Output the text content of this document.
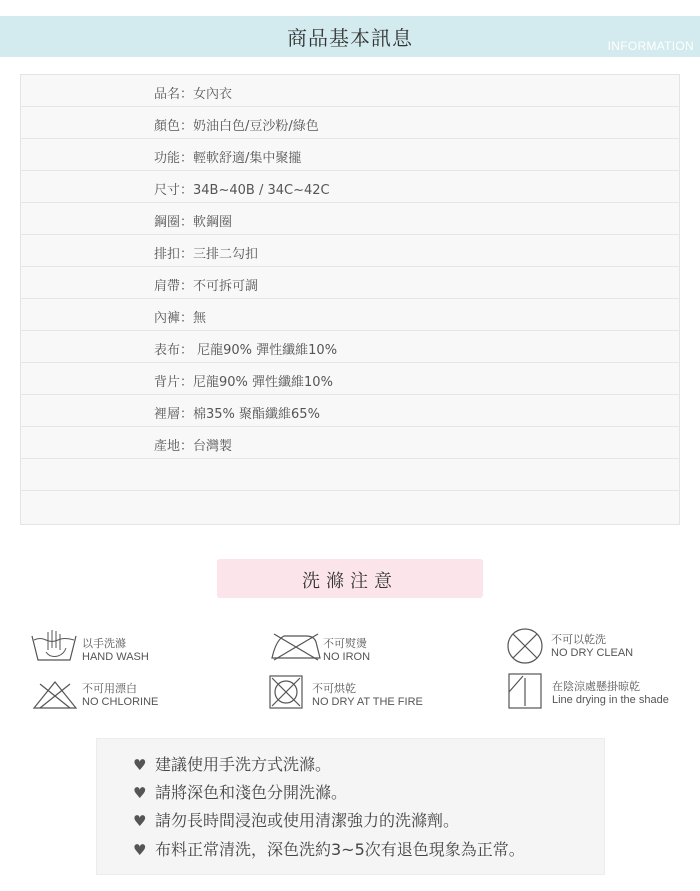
商品基本訊息	INFORMATION
品名：女內衣
顏色：奶油白色/豆沙粉/綠色
功能：輕軟舒適/集中聚攏
尺寸：34B~40B / 34C~42C
鋼圈：軟鋼圈
排扣：三排二勾扣
肩帶：不可拆可調
內褲：無
表布： 尼龍90% 彈性纖維10%
背片：尼龍90% 彈性纖維10%
裡層：棉35% 聚酯纖維65%
產地：台灣製
洗滌注意
以手洗滌
HAND WASH
不可熨燙
NO IRON
不可以乾洗
NO DRY CLEAN
不可用漂白
NO CHLORINE
不可烘乾
NO DRY AT THE FIRE
在陰涼處懸掛晾乾
Line drying in the shade
♥ 建議使用手洗方式洗滌。
♥ 請將深色和淺色分開洗滌。
♥ 請勿長時間浸泡或使用清潔強力的洗滌劑。
♥ 布料正常清洗，深色洗約3~5次有退色現象為正常。
